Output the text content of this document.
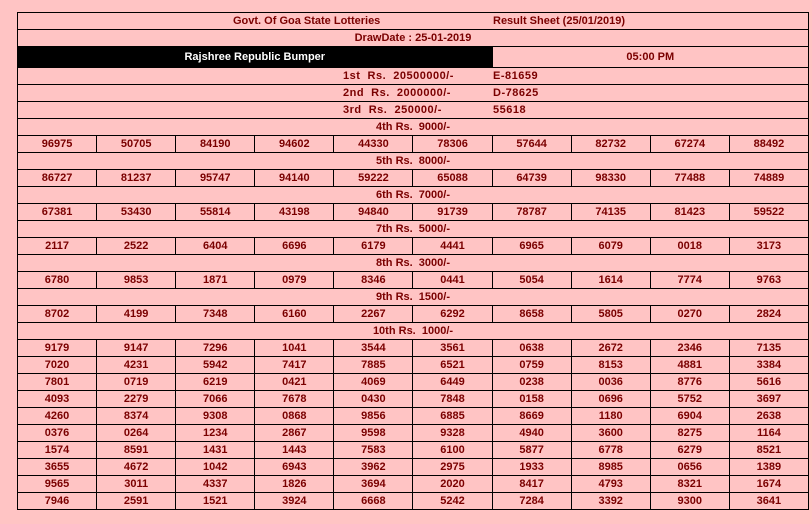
Govt. Of Goa State Lotteries Result Sheet (25/01/2019)									
DrawDate : 25-01-2019									
Rajshree Republic Bumper						05:00 PM			
1st  Rs.  20500000/- E-81659									
2nd  Rs.  2000000/- D-78625									
3rd  Rs.  250000/- 55618									
4th Rs.  9000/-									
96975	50705	84190	94602	44330	78306	57644	82732	67274	88492
5th Rs.  8000/-									
86727	81237	95747	94140	59222	65088	64739	98330	77488	74889
6th Rs.  7000/-									
67381	53430	55814	43198	94840	91739	78787	74135	81423	59522
7th Rs.  5000/-									
2117	2522	6404	6696	6179	4441	6965	6079	0018	3173
8th Rs.  3000/-									
6780	9853	1871	0979	8346	0441	5054	1614	7774	9763
9th Rs.  1500/-									
8702	4199	7348	6160	2267	6292	8658	5805	0270	2824
10th Rs.  1000/-									
9179	9147	7296	1041	3544	3561	0638	2672	2346	7135
7020	4231	5942	7417	7885	6521	0759	8153	4881	3384
7801	0719	6219	0421	4069	6449	0238	0036	8776	5616
4093	2279	7066	7678	0430	7848	0158	0696	5752	3697
4260	8374	9308	0868	9856	6885	8669	1180	6904	2638
0376	0264	1234	2867	9598	9328	4940	3600	8275	1164
1574	8591	1431	1443	7583	6100	5877	6778	6279	8521
3655	4672	1042	6943	3962	2975	1933	8985	0656	1389
9565	3011	4337	1826	3694	2020	8417	4793	8321	1674
7946	2591	1521	3924	6668	5242	7284	3392	9300	3641
